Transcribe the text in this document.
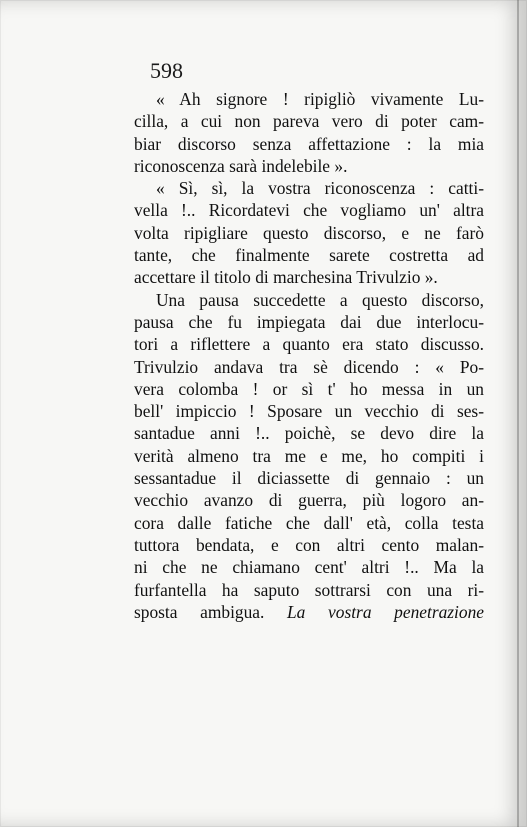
598
« Ah signore ! ripigliò vivamente Lu-
cilla, a cui non pareva vero di poter cam-
biar discorso senza affettazione : la mia
riconoscenza sarà indelebile ».
« Sì, sì, la vostra riconoscenza : catti-
vella !.. Ricordatevi che vogliamo un' altra
volta ripigliare questo discorso, e ne farò
tante, che finalmente sarete costretta ad
accettare il titolo di marchesina Trivulzio ».
Una pausa succedette a questo discorso,
pausa che fu impiegata dai due interlocu-
tori a riflettere a quanto era stato discusso.
Trivulzio andava tra sè dicendo : « Po-
vera colomba ! or sì t' ho messa in un
bell' impiccio ! Sposare un vecchio di ses-
santadue anni !.. poichè, se devo dire la
verità almeno tra me e me, ho compiti i
sessantadue il diciassette di gennaio : un
vecchio avanzo di guerra, più logoro an-
cora dalle fatiche che dall' età, colla testa
tuttora bendata, e con altri cento malan-
ni che ne chiamano cent' altri !.. Ma la
furfantella ha saputo sottrarsi con una ri-
sposta ambigua. La vostra penetrazione
